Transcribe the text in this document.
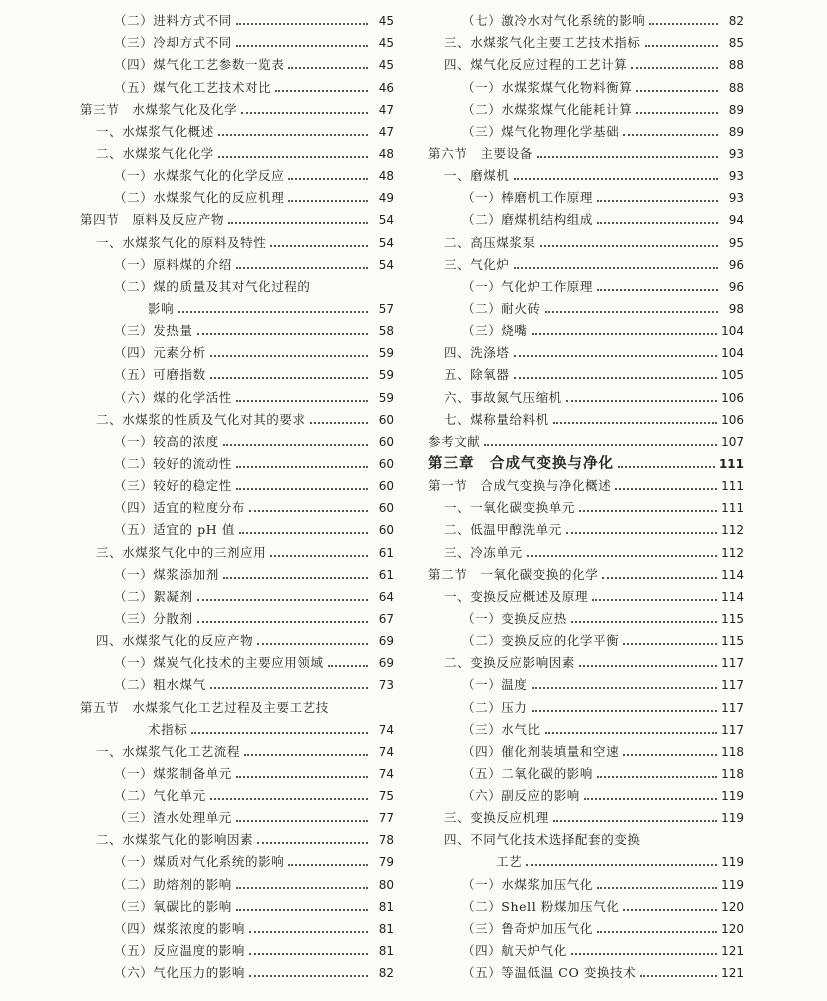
（二）进料方式不同	45
（三）冷却方式不同	45
（四）煤气化工艺参数一览表	45
（五）煤气化工艺技术对比	46
第三节　水煤浆气化及化学	47
一、水煤浆气化概述	47
二、水煤浆气化化学	48
（一）水煤浆气化的化学反应	48
（二）水煤浆气化的反应机理	49
第四节　原料及反应产物	54
一、水煤浆气化的原料及特性	54
（一）原料煤的介绍	54
（二）煤的质量及其对气化过程的
影响	57
（三）发热量	58
（四）元素分析	59
（五）可磨指数	59
（六）煤的化学活性	59
二、水煤浆的性质及气化对其的要求	60
（一）较高的浓度	60
（二）较好的流动性	60
（三）较好的稳定性	60
（四）适宜的粒度分布	60
（五）适宜的 pH 值	60
三、水煤浆气化中的三剂应用	61
（一）煤浆添加剂	61
（二）絮凝剂	64
（三）分散剂	67
四、水煤浆气化的反应产物	69
（一）煤炭气化技术的主要应用领域	69
（二）粗水煤气	73
第五节　水煤浆气化工艺过程及主要工艺技
术指标	74
一、水煤浆气化工艺流程	74
（一）煤浆制备单元	74
（二）气化单元	75
（三）渣水处理单元	77
二、水煤浆气化的影响因素	78
（一）煤质对气化系统的影响	79
（二）助熔剂的影响	80
（三）氧碳比的影响	81
（四）煤浆浓度的影响	81
（五）反应温度的影响	81
（六）气化压力的影响	82
（七）激冷水对气化系统的影响	82
三、水煤浆气化主要工艺技术指标	85
四、煤气化反应过程的工艺计算	88
（一）水煤浆煤气化物料衡算	88
（二）水煤浆煤气化能耗计算	89
（三）煤气化物理化学基础	89
第六节　主要设备	93
一、磨煤机	93
（一）棒磨机工作原理	93
（二）磨煤机结构组成	94
二、高压煤浆泵	95
三、气化炉	96
（一）气化炉工作原理	96
（二）耐火砖	98
（三）烧嘴	104
四、洗涤塔	104
五、除氧器	105
六、事故氮气压缩机	106
七、煤称量给料机	106
参考文献	107
第三章　合成气变换与净化	111
第一节　合成气变换与净化概述	111
一、一氧化碳变换单元	111
二、低温甲醇洗单元	112
三、冷冻单元	112
第二节　一氧化碳变换的化学	114
一、变换反应概述及原理	114
（一）变换反应热	115
（二）变换反应的化学平衡	115
二、变换反应影响因素	117
（一）温度	117
（二）压力	117
（三）水气比	117
（四）催化剂装填量和空速	118
（五）二氧化碳的影响	118
（六）副反应的影响	119
三、变换反应机理	119
四、不同气化技术选择配套的变换
工艺	119
（一）水煤浆加压气化	119
（二）Shell 粉煤加压气化	120
（三）鲁奇炉加压气化	120
（四）航天炉气化	121
（五）等温低温 CO 变换技术	121
